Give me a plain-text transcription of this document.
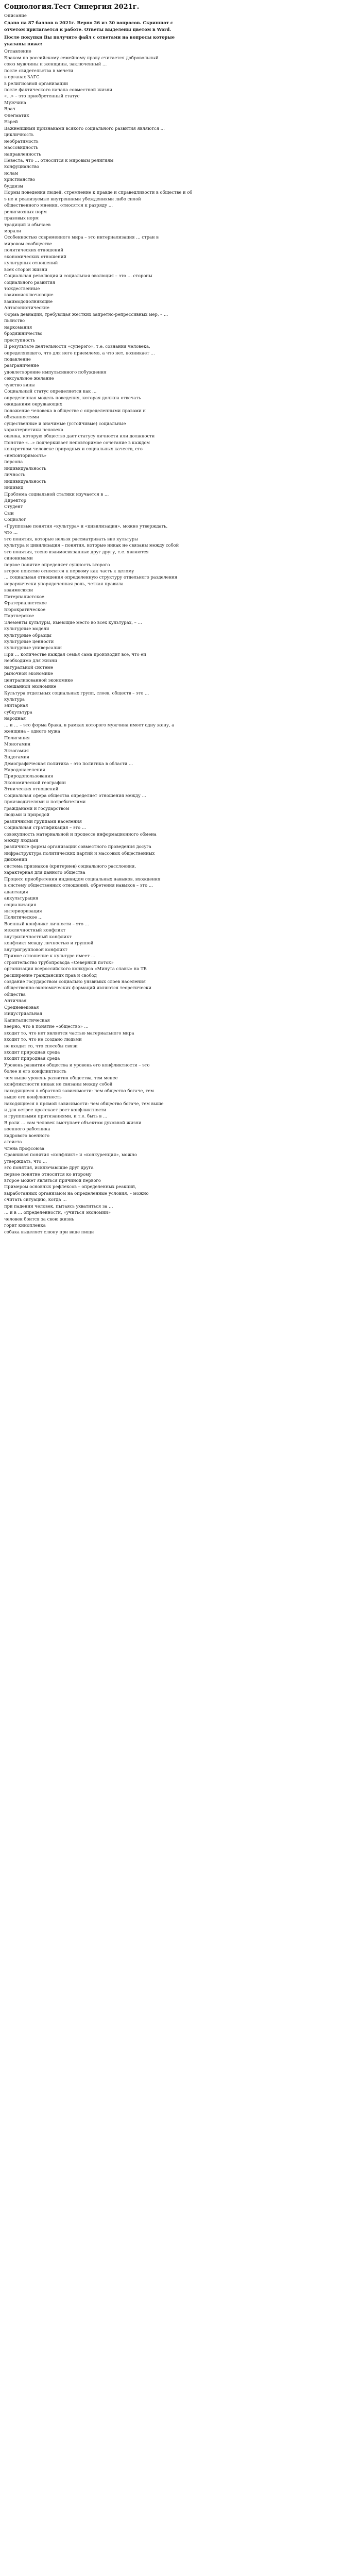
Социология.Тест Синергия 2021г.
Описание

Сдано на 87 баллов в 2021г. Верно 26 из 30 вопросов. Скриншот с

отчетом прилагается к работе. Ответы выделены цветом в Word.

После покупки Вы получите файл с ответами на вопросы которые

указаны ниже:

Оглавление
Браком по российскому семейному праву считается добровольный
союз мужчины и женщины, заключенный …
после свидетельства в мечети
в органах ЗАГС
в религиозной организации
после фактического начала совместной жизни
«…» – это приобретенный статус
Мужчина
Врач
Флегматик
Еврей
Важнейшими признаками всякого социального развития являются …
цикличность
необратимость
массовидность
направленность
Невеста, что … относится к мировым религиям
конфуцианство
ислам
христианство
буддизм
Нормы поведения людей, стремление к правде и справедливости в обществе и об
э не и реализуемые внутренними убеждениями либо силой
общественного мнения, относятся к разряду …
религиозных норм
правовых норм
традиций и обычаев
морали
Особенностью современного мира – это интернализация … стран в
мировом сообществе
политических отношений
экономических отношений
культурных отношений
всех сторон жизни
Социальная революция и социальная эволюция – это … стороны
социального развития
тождественные
взаимоисключающие
взаимодополняющие
Антагонистические
Форма девиации, требующая жестких запретно-репрессивных мер, – …
пьянство
наркомания
бродяжничество
преступность
В результате деятельности «суперэго», т.е. сознания человека,
определяющего, что для него приемлемо, а что нет, возникает …
подавление
разграничение
удовлетворение импульсивного побуждения
сексуальное желание
чувство вины
Социальный статус определяется как …
определенная модель поведения, которая должна отвечать
ожиданиям окружающих
положение человека в обществе с определенными правами и
обязанностями
существенные и значимые (устойчивые) социальные
характеристики человека
оценка, которую общество дает статусу личности или должности
Понятие «…» подчеркивает неповторимое сочетание в каждом
конкретном человеке природных и социальных качеств, его
«неповторимость»
персона
индивидуальность
личность
индивидуальность
индивид
Проблема социальной статики изучается в …
Директор
Студент
Сын
Социолог
«Групповые понятия «культура» и «цивилизация», можно утверждать,
что …
это понятия, которые нельзя рассматривать вне культуры
культура и цивилизация – понятия, которые никак не связаны между собой
это понятия, тесно взаимосвязанные друг другу, т.е. являются
синонимами
первое понятие определяет сущность второго
второе понятие относится к первому как часть к целому
… социальная отношения определенную структуру отдельного разделения
иерархически упорядоченная роль, четкая правила
взаимосвязи
Патерналистское
Фратериалистское
Бюрократическое
Партнерское
Элементы культуры, имеющие место во всех культурах, – …
культурные модели
культурные образцы
культурные ценности
культурные универсалии
При … количестве каждая семья сама производит все, что ей
необходимо для жизни
натуральной системе
рыночной экономике
централизованной экономике
смешанной экономике
Культура отдельных социальных групп, слоев, обществ – это …
культура
элитарная
субкультура
народная
… и … – это форма брака, в рамках которого мужчина имеет одну жену, а
женщина – одного мужа
Полигиния
Моногамия
Экзогамия
Эндогамия
Демографическая политика – это политика в области …
Народонаселения
Природопользования
Экономической географии
Этнических отношений
Социальная сфера общества определяет отношения между …
производителями и потребителями
гражданами и государством
людьми и природой
различными группами населения
Социальная стратификация – это …
совокупность материальной и процессе информационного обмена
между людьми
различные формы организации совместного проведения досуга
инфраструктура политических партий и массовых общественных
движений
система признаков (критериев) социального расслоения,
характерная для данного общества
Процесс приобретения индивидом социальных навыков, вхождения
в систему общественных отношений, обретения навыков – это …
адаптация
аккультурация
социализация
интериоризация
Политическое …
Военный конфликт личности – это …
межличностный конфликт
внутриличностный конфликт
конфликт между личностью и группой
внутригрупповой конфликт
Прямое отношение к культуре имеет …
строительство трубопровода «Северный поток»
организация всероссийского конкурса «Минута славы» на ТВ
расширение гражданских прав и свобод
создание государством социально уязвимых слоев населения
общественно-экономических формаций являются теоретически
общества
Античная
Средневековая
Индустриальная
Капиталистическая
веерно, что в понятие «общество» …
входит то, что нет является частью материального мира
входит то, что не создано людьми
не входит то, что способы связи
входит природная среда
входит природная среда
Уровень развития общества и уровень его конфликтности – это
более и его конфликтность
чем выше уровень развития общества, тем менее
конфликтности никак не связаны между собой
находящиеся в обратной зависимости: чем общество богаче, тем
выше его конфликтность
находящиеся в прямой зависимости: чем общество богаче, тем выше
и для острее протекает рост конфликтности
и групповыми притязаниями, и т.е. быть в …
В роли … сам человек выступает объектом духовной жизни
военного работника
кадрового военного
атеиста
члена профсоюза
Сравнивая понятия «конфликт» и «конкуренция», можно
утверждать, что …
это понятия, исключающие друг друга
первое понятие относится ко второму
второе может являться причиной первого
Примером основных рефлексов – определенных реакций,
выработанных организмом на определенные условия, – можно
считать ситуацию, когда …
при падении человек, пытаясь ухватиться за …
… и в … определенности, «учиться экономии»
человек боится за свою жизнь
горит кинопленка
собака выделяет слюну при виде пищи
